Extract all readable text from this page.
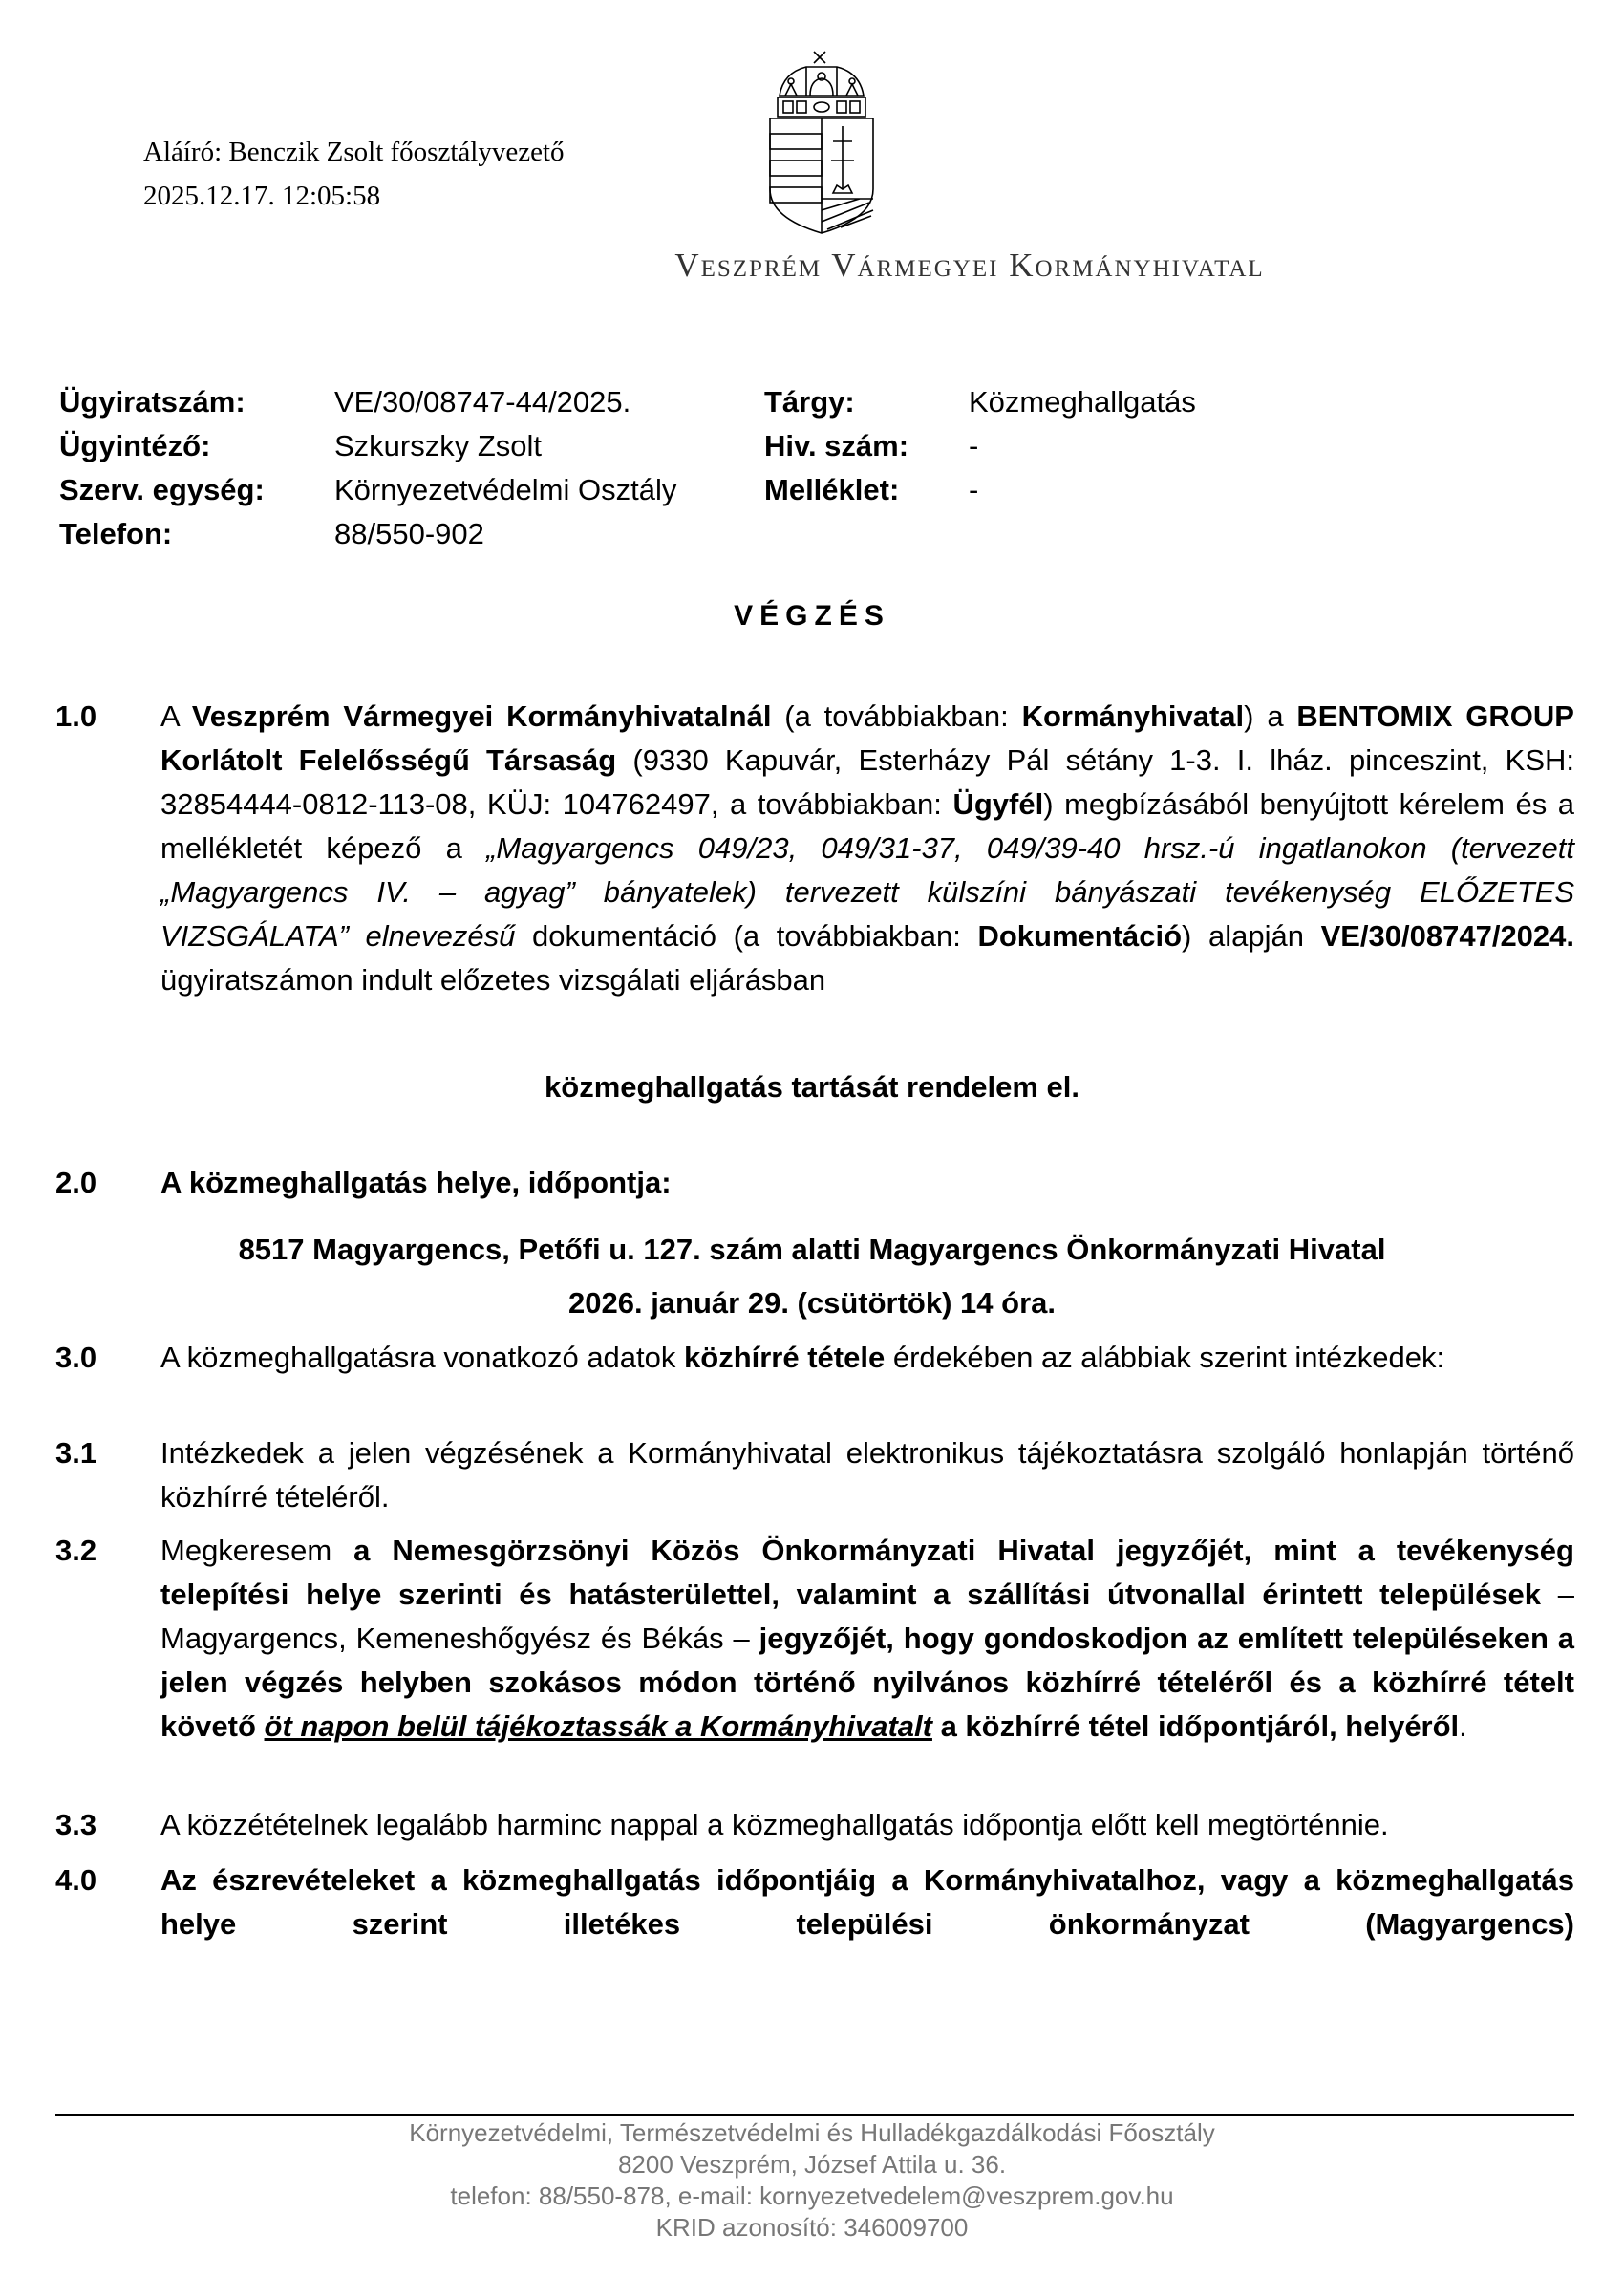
Aláíró: Benczik Zsolt főosztályvezető
2025.12.17. 12:05:58
Veszprém Vármegyei Kormányhivatal
Ügyiratszám:	VE/30/08747-44/2025.	Tárgy:	Közmeghallgatás
Ügyintéző:	Szkurszky Zsolt	Hiv. szám:	-
Szerv. egység:	Környezetvédelmi Osztály	Melléklet:	-
Telefon:	88/550-902
VÉGZÉS
1.0	A Veszprém Vármegyei Kormányhivatalnál (a továbbiakban: Kormányhivatal) a BENTOMIX GROUP Korlátolt Felelősségű Társaság (9330 Kapuvár, Esterházy Pál sétány 1-3. I. lház. pinceszint, KSH: 32854444-0812-113-08, KÜJ: 104762497, a továbbiakban: Ügyfél) megbízásából benyújtott kérelem és a mellékletét képező a „Magyargencs 049/23, 049/31-37, 049/39-40 hrsz.-ú ingatlanokon (tervezett „Magyargencs IV. – agyag” bányatelek) tervezett külszíni bányászati tevékenység ELŐZETES VIZSGÁLATA” elnevezésű dokumentáció (a továbbiakban: Dokumentáció) alapján VE/30/08747/2024. ügyiratszámon indult előzetes vizsgálati eljárásban
közmeghallgatás tartását rendelem el.
2.0	A közmeghallgatás helye, időpontja:
8517 Magyargencs, Petőfi u. 127. szám alatti Magyargencs Önkormányzati Hivatal
2026. január 29. (csütörtök) 14 óra.
3.0	A közmeghallgatásra vonatkozó adatok közhírré tétele érdekében az alábbiak szerint intézkedek:
3.1	Intézkedek a jelen végzésének a Kormányhivatal elektronikus tájékoztatásra szolgáló honlapján történő közhírré tételéről.
3.2	Megkeresem a Nemesgörzsönyi Közös Önkormányzati Hivatal jegyzőjét, mint a tevékenység telepítési helye szerinti és hatásterülettel, valamint a szállítási útvonallal érintett települések – Magyargencs, Kemeneshőgyész és Békás – jegyzőjét, hogy gondoskodjon az említett településeken a jelen végzés helyben szokásos módon történő nyilvános közhírré tételéről és a közhírré tételt követő öt napon belül tájékoztassák a Kormányhivatalt a közhírré tétel időpontjáról, helyéről.
3.3	A közzétételnek legalább harminc nappal a közmeghallgatás időpontja előtt kell megtörténnie.
4.0	Az észrevételeket a közmeghallgatás időpontjáig a Kormányhivatalhoz, vagy a közmeghallgatás helye szerint illetékes települési önkormányzat (Magyargencs)
Környezetvédelmi, Természetvédelmi és Hulladékgazdálkodási Főosztály
8200 Veszprém, József Attila u. 36.
telefon: 88/550-878, e-mail: kornyezetvedelem@veszprem.gov.hu
KRID azonosító: 346009700
